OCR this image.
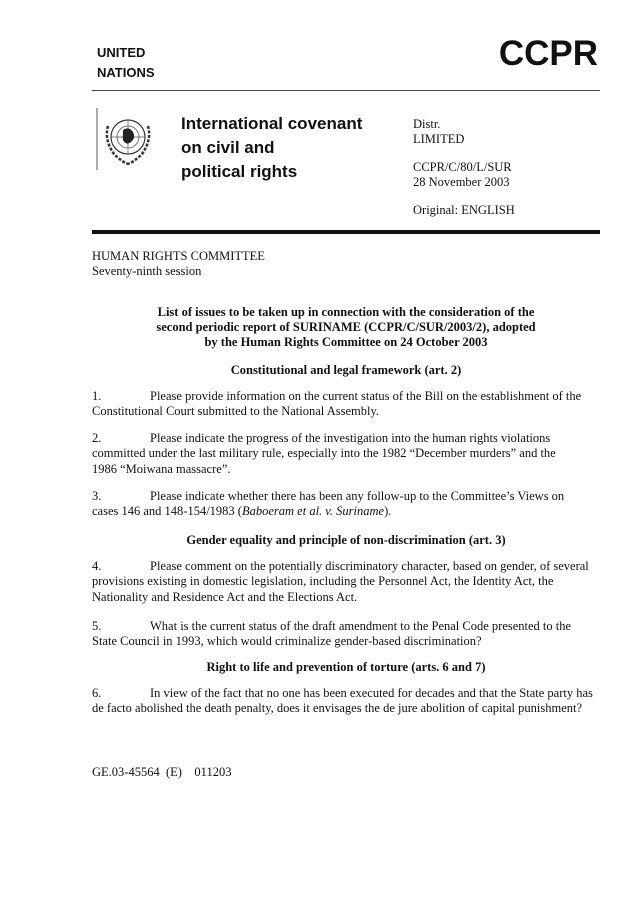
UNITED
NATIONS	CCPR
International covenant
on civil and
political rights
Distr.
LIMITED
CCPR/C/80/L/SUR
28 November 2003
Original: ENGLISH
HUMAN RIGHTS COMMITTEE
Seventy-ninth session
List of issues to be taken up in connection with the consideration of the
second periodic report of SURINAME (CCPR/C/SUR/2003/2), adopted
by the Human Rights Committee on 24 October 2003
Constitutional and legal framework (art. 2)
1.	Please provide information on the current status of the Bill on the establishment of the Constitutional Court submitted to the National Assembly.
2.	Please indicate the progress of the investigation into the human rights violations committed under the last military rule, especially into the 1982 “December murders” and the 1986 “Moiwana massacre”.
3.	Please indicate whether there has been any follow-up to the Committee’s Views on cases 146 and 148-154/1983 (Baboeram et al. v. Suriname).
Gender equality and principle of non-discrimination (art. 3)
4.	Please comment on the potentially discriminatory character, based on gender, of several provisions existing in domestic legislation, including the Personnel Act, the Identity Act, the Nationality and Residence Act and the Elections Act.
5.	What is the current status of the draft amendment to the Penal Code presented to the State Council in 1993, which would criminalize gender-based discrimination?
Right to life and prevention of torture (arts. 6 and 7)
6.	In view of the fact that no one has been executed for decades and that the State party has de facto abolished the death penalty, does it envisages the de jure abolition of capital punishment?
GE.03-45564  (E)    011203
